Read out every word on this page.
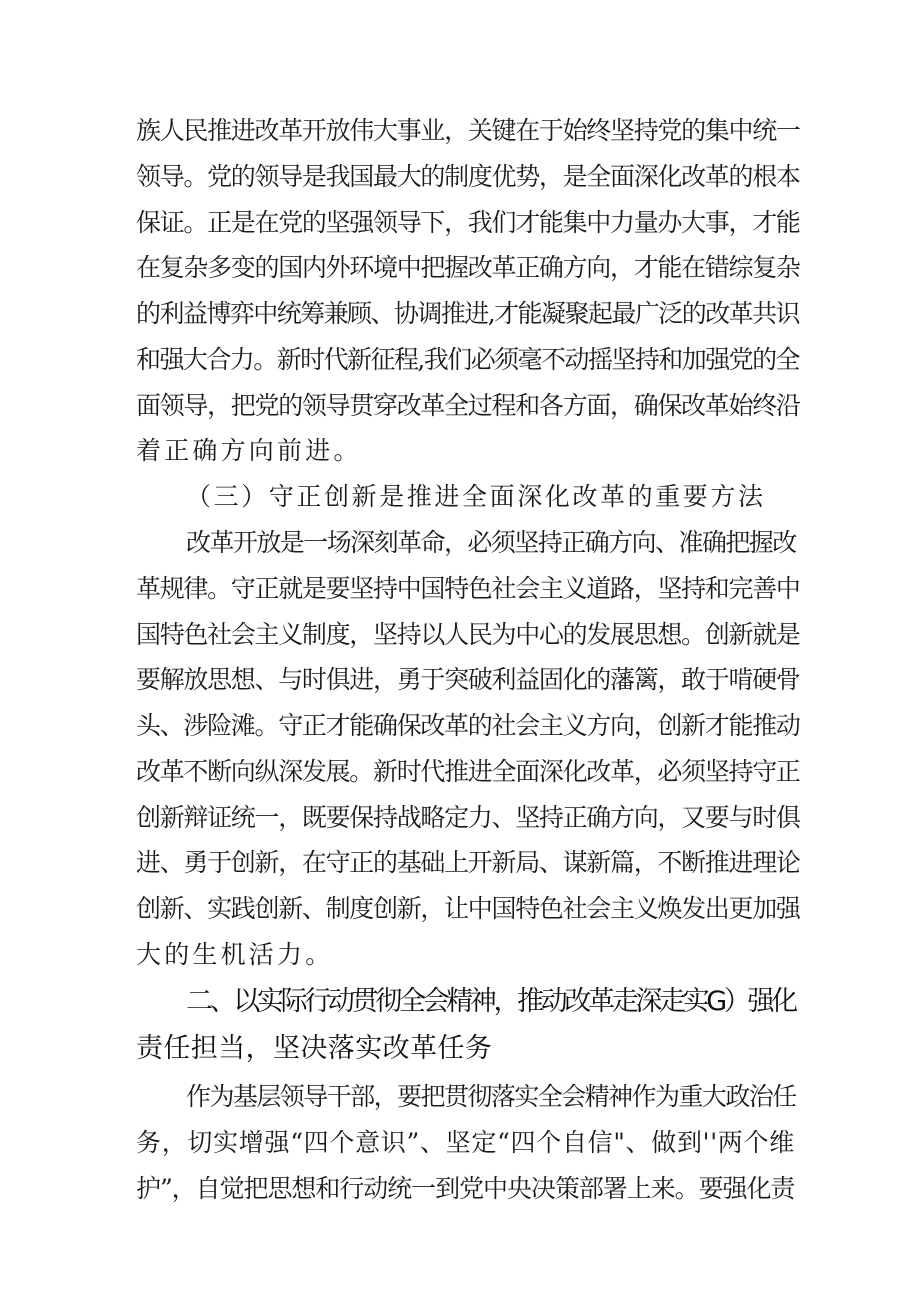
族人民推进改革开放伟大事业，关键在于始终坚持党的集中统一
领导。党的领导是我国最大的制度优势，是全面深化改革的根本
保证。正是在党的坚强领导下，我们才能集中力量办大事，才能
在复杂多变的国内外环境中把握改革正确方向，才能在错综复杂
的利益博弈中统筹兼顾、协调推进,才能凝聚起最广泛的改革共识
和强大合力。新时代新征程,我们必须毫不动摇坚持和加强党的全
面领导，把党的领导贯穿改革全过程和各方面，确保改革始终沿
着正确方向前进。
（三）守正创新是推进全面深化改革的重要方法
改革开放是一场深刻革命，必须坚持正确方向、准确把握改
革规律。守正就是要坚持中国特色社会主义道路，坚持和完善中
国特色社会主义制度，坚持以人民为中心的发展思想。创新就是
要解放思想、与时俱进，勇于突破利益固化的藩篱，敢于啃硬骨
头、涉险滩。守正才能确保改革的社会主义方向，创新才能推动
改革不断向纵深发展。新时代推进全面深化改革，必须坚持守正
创新辩证统一，既要保持战略定力、坚持正确方向，又要与时俱
进、勇于创新，在守正的基础上开新局、谋新篇，不断推进理论
创新、实践创新、制度创新，让中国特色社会主义焕发出更加强
大的生机活力。
二、以实际行动贯彻全会精神，推动改革走深走实G）强化
责任担当，坚决落实改革任务
作为基层领导干部，要把贯彻落实全会精神作为重大政治任
务，切实增强“四个意识”、坚定“四个自信"、做到''两个维
护”，自觉把思想和行动统一到党中央决策部署上来。要强化责
